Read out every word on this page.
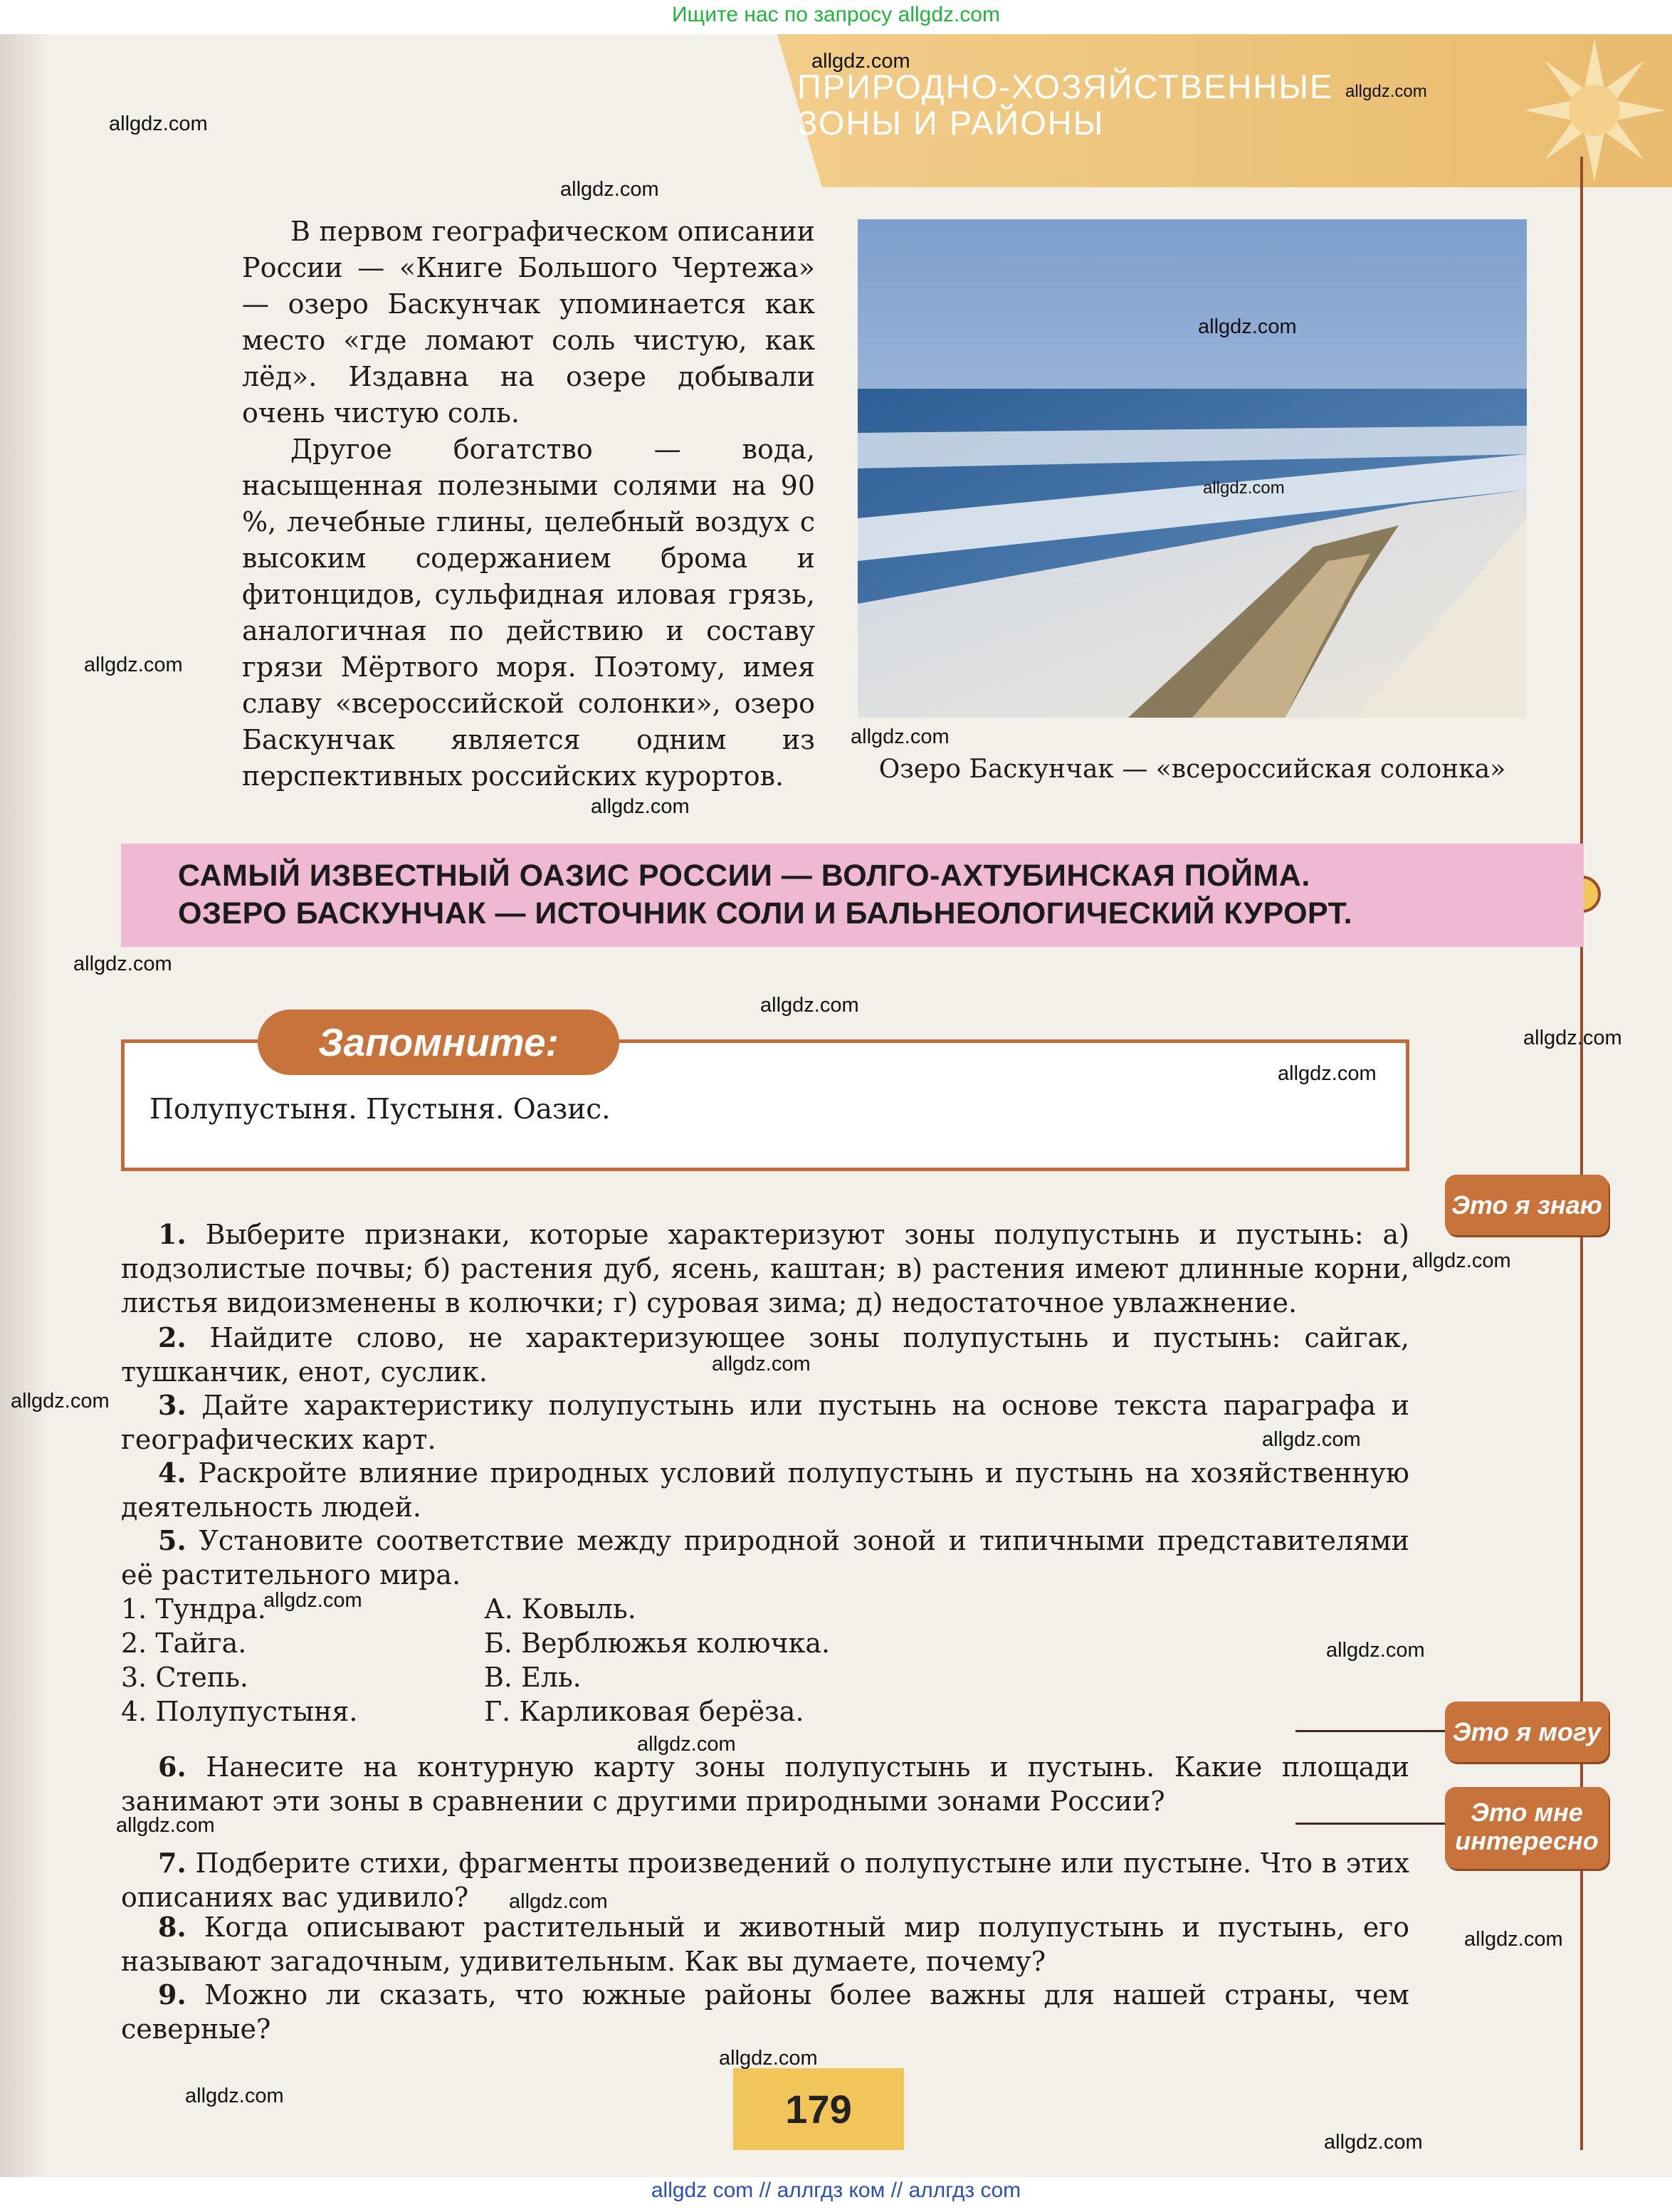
Ищите нас по запросу allgdz.com
ПРИРОДНО-ХОЗЯЙСТВЕННЫЕ
ЗОНЫ И РАЙОНЫ
Это я знаю
Это я могу
Это мне
интересно

В первом географическом описании России — «Книге Большого Чертежа» — озеро Баскунчак упоминается как место «где ломают соль чистую, как лёд». Издавна на озере добывали очень чистую соль.

Другое богатство — вода, насыщенная полезными солями на 90 %, лечебные глины, целебный воздух с высоким содержанием брома и фитонцидов, сульфидная иловая грязь, аналогичная по действию и составу грязи Мёртвого моря. Поэтому, имея славу «всероссийской солонки», озеро Баскунчак является одним из перспективных российских курортов.	Озеро Баскунчак — «всероссийская солонка»
САМЫЙ ИЗВЕСТНЫЙ ОАЗИС РОССИИ — ВОЛГО-АХТУБИНСКАЯ ПОЙМА.
ОЗЕРО БАСКУНЧАК — ИСТОЧНИК СОЛИ И БАЛЬНЕОЛОГИЧЕСКИЙ КУРОРТ.
Запомните:
Полупустыня. Пустыня. Оазис.

1. Выберите признаки, которые характеризуют зоны полупустынь и пустынь: а) подзолистые почвы; б) растения дуб, ясень, каштан; в) растения имеют длинные корни, листья видоизменены в колючки; г) суровая зима; д) недостаточное увлажнение.

2. Найдите слово, не характеризующее зоны полупустынь и пустынь: сайгак, тушканчик, енот, суслик.

3. Дайте характеристику полупустынь или пустынь на основе текста параграфа и географических карт.

4. Раскройте влияние природных условий полупустынь и пустынь на хозяйственную деятельность людей.

5. Установите соответствие между природной зоной и типичными представителями её растительного мира.

1. Тундра.
2. Тайга.
3. Степь.
4. Полупустыня.
А. Ковыль.
Б. Верблюжья колючка.
В. Ель.
Г. Карликовая берёза.

6. Нанесите на контурную карту зоны полупустынь и пустынь. Какие площади занимают эти зоны в сравнении с другими природными зонами России?

7. Подберите стихи, фрагменты произведений о полупустыне или пустыне. Что в этих описаниях вас удивило?

8. Когда описывают растительный и животный мир полупустынь и пустынь, его называют загадочным, удивительным. Как вы думаете, почему?

9. Можно ли сказать, что южные районы более важны для нашей страны, чем северные?

179
allgdz.com
allgdz.com
allgdz.com
allgdz.com
allgdz.com
allgdz.com
allgdz.com
allgdz.com
allgdz.com
allgdz.com
allgdz.com
allgdz.com
allgdz.com
allgdz.com
allgdz.com
allgdz.com
allgdz.com
allgdz.com
allgdz.com
allgdz.com
allgdz.com
allgdz.com
allgdz.com
allgdz.com
allgdz.com
allgdz.com
allgdz com // аллгдз ком // аллгдз com
